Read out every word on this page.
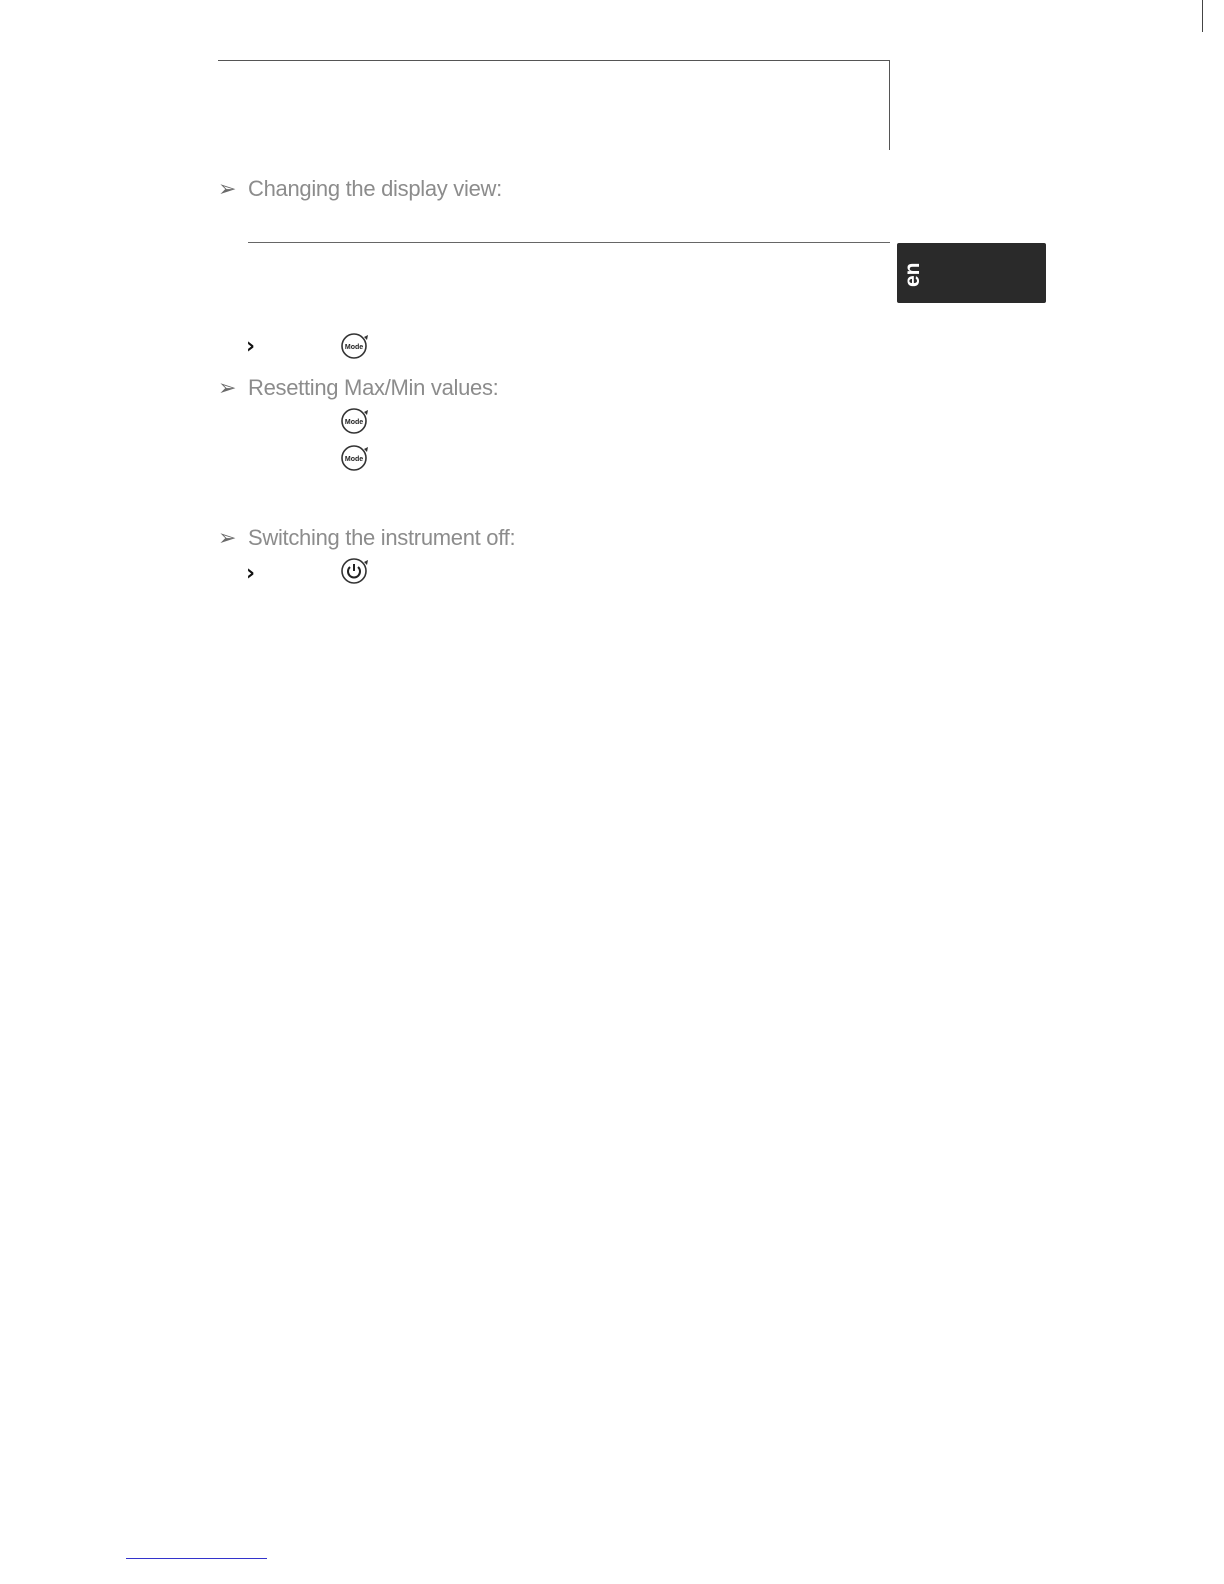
en
➢ Changing the display view:
›	Mode
➢ Resetting Max/Min values:
Mode
Mode
➢ Switching the instrument off:
›
